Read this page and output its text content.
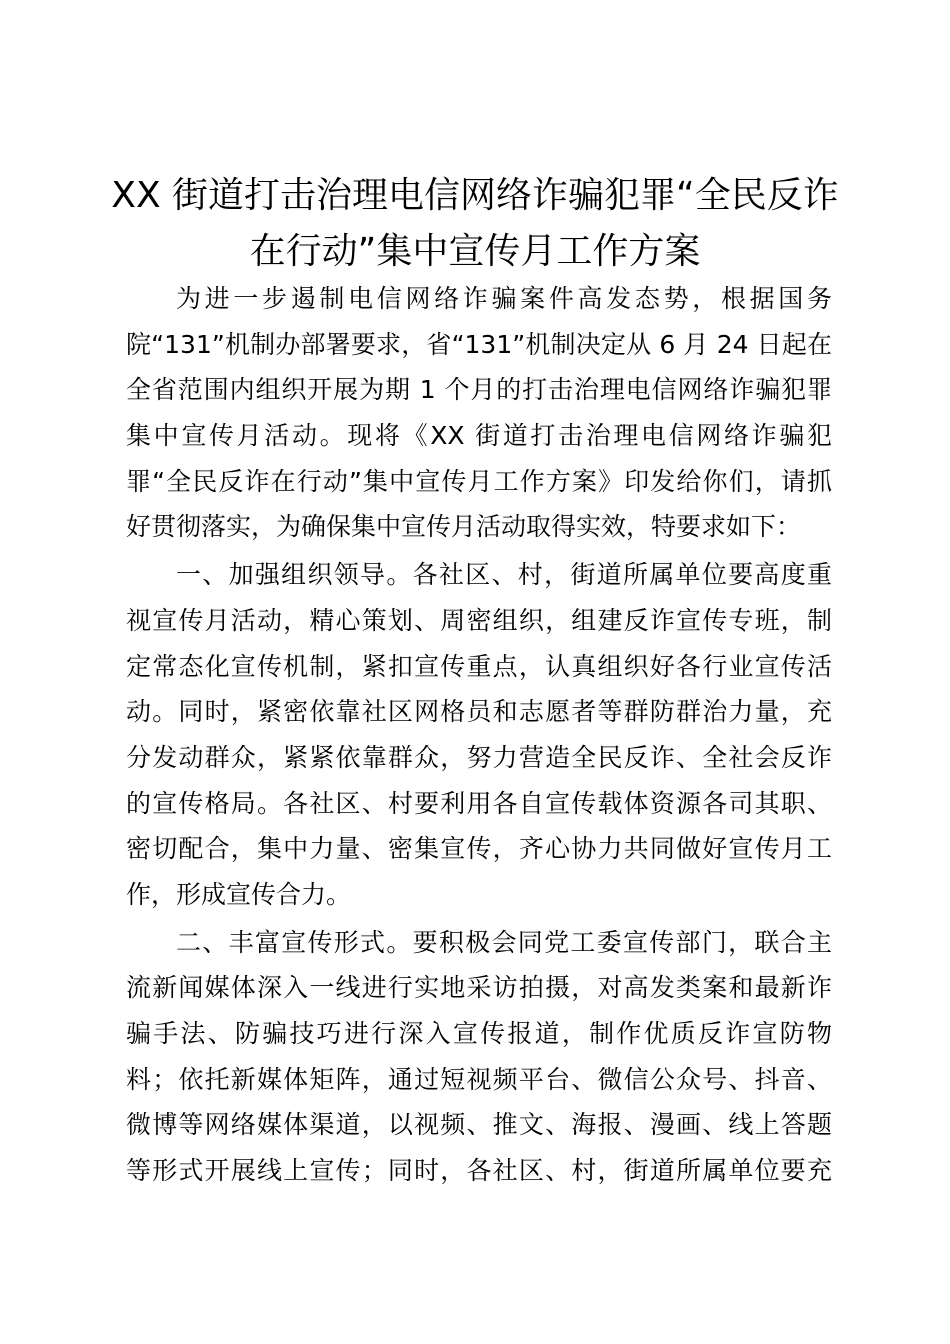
XX 街道打击治理电信网络诈骗犯罪“全民反诈
在行动”集中宣传月工作方案
为进一步遏制电信网络诈骗案件高发态势，根据国务
院“131”机制办部署要求，省“131”机制决定从 6 月 24 日起在
全省范围内组织开展为期 1 个月的打击治理电信网络诈骗犯罪
集中宣传月活动。现将《XX 街道打击治理电信网络诈骗犯
罪“全民反诈在行动”集中宣传月工作方案》印发给你们，请抓
好贯彻落实，为确保集中宣传月活动取得实效，特要求如下：
一、加强组织领导。各社区、村，街道所属单位要高度重
视宣传月活动，精心策划、周密组织，组建反诈宣传专班，制
定常态化宣传机制，紧扣宣传重点，认真组织好各行业宣传活
动。同时，紧密依靠社区网格员和志愿者等群防群治力量，充
分发动群众，紧紧依靠群众，努力营造全民反诈、全社会反诈
的宣传格局。各社区、村要利用各自宣传载体资源各司其职、
密切配合，集中力量、密集宣传，齐心协力共同做好宣传月工
作，形成宣传合力。
二、丰富宣传形式。要积极会同党工委宣传部门，联合主
流新闻媒体深入一线进行实地采访拍摄，对高发类案和最新诈
骗手法、防骗技巧进行深入宣传报道，制作优质反诈宣防物
料；依托新媒体矩阵，通过短视频平台、微信公众号、抖音、
微博等网络媒体渠道，以视频、推文、海报、漫画、线上答题
等形式开展线上宣传；同时，各社区、村，街道所属单位要充
